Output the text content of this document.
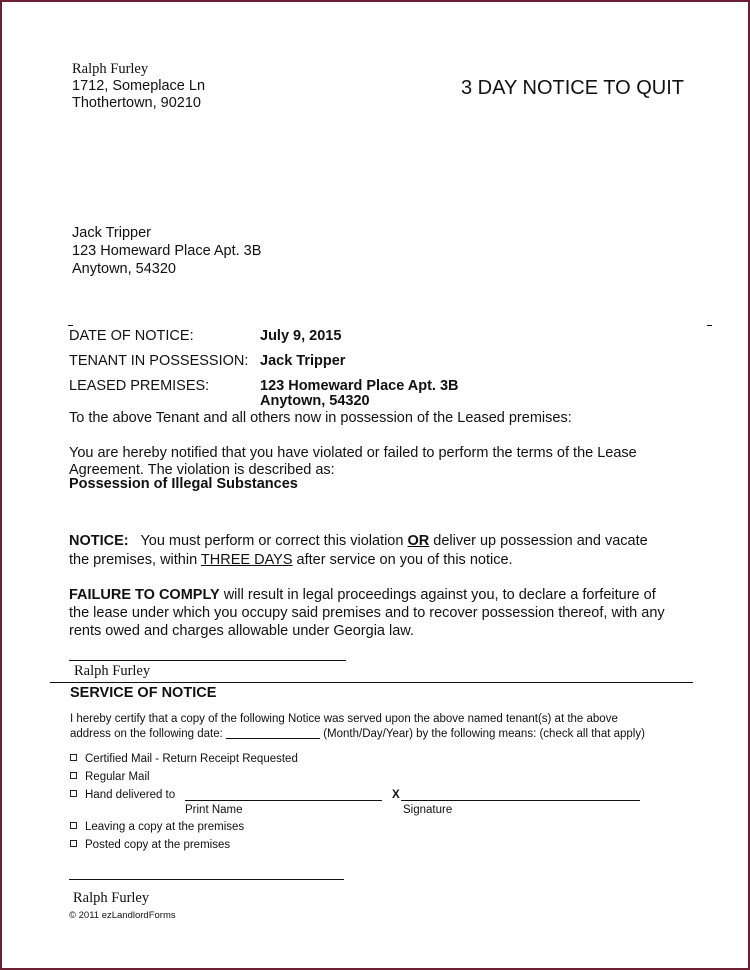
Ralph Furley
1712, Someplace Ln
Thothertown, 90210
3 DAY NOTICE TO QUIT
Jack Tripper
123 Homeward Place Apt. 3B
Anytown, 54320
DATE OF NOTICE:	July 9, 2015
TENANT IN POSSESSION: Jack Tripper
LEASED PREMISES:	123 Homeward Place Apt. 3B
Anytown, 54320
To the above Tenant and all others now in possession of the Leased premises:
You are hereby notified that you have violated or failed to perform the terms of the Lease
Agreement. The violation is described as:
Possession of Illegal Substances
NOTICE: You must perform or correct this violation OR deliver up possession and vacate
the premises, within THREE DAYS after service on you of this notice.
FAILURE TO COMPLY will result in legal proceedings against you, to declare a forfeiture of
the lease under which you occupy said premises and to recover possession thereof, with any
rents owed and charges allowable under Georgia law.
Ralph Furley
SERVICE OF NOTICE
I hereby certify that a copy of the following Notice was served upon the above named tenant(s) at the above
address on the following date:	(Month/Day/Year) by the following means: (check all that apply)
Certified Mail - Return Receipt Requested
Regular Mail
Hand delivered to	X
Print Name	Signature
Leaving a copy at the premises
Posted copy at the premises
Ralph Furley
© 2011 ezLandlordForms
